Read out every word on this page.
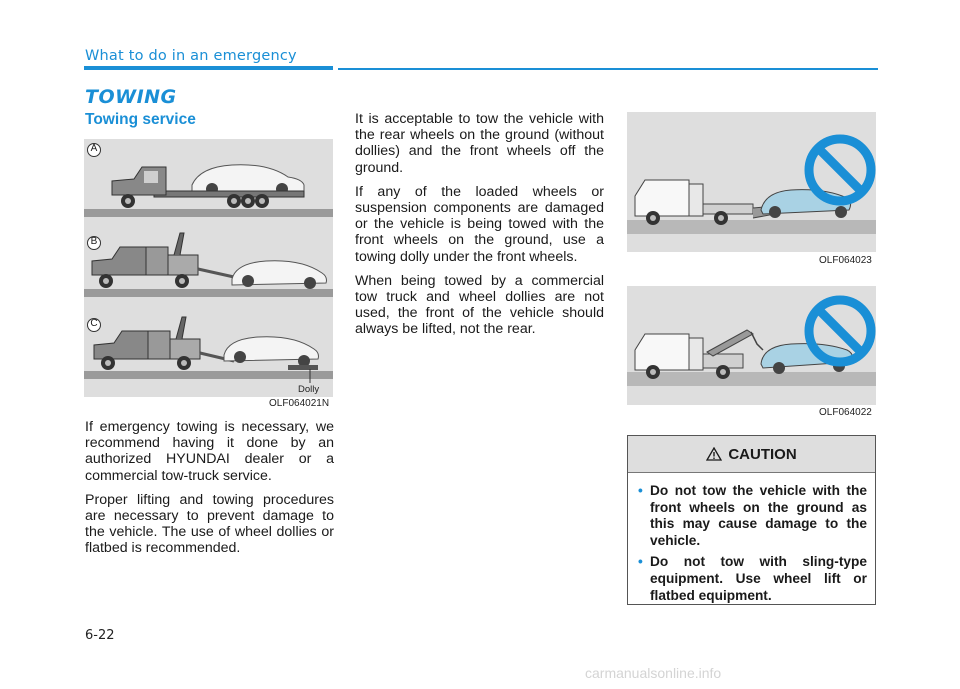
What to do in an emergency
TOWING
Towing service
A
B
C
Dolly
OLF064021N

If emergency towing is necessary, we recommend having it done by an authorized HYUNDAI dealer or a commercial tow-truck service.

Proper lifting and towing procedures are necessary to prevent damage to the vehicle. The use of wheel dollies or flatbed is recommended.

It is acceptable to tow the vehicle with the rear wheels on the ground (without dollies) and the front wheels off the ground.

If any of the loaded wheels or suspension components are damaged or the vehicle is being towed with the front wheels on the ground, use a towing dolly under the front wheels.

When being towed by a commercial tow truck and wheel dollies are not used, the front of the vehicle should always be lifted, not the rear.

OLF064023
OLF064022
CAUTION
• Do not tow the vehicle with the front wheels on the ground as this may cause damage to the vehicle.
• Do not tow with sling-type equipment. Use wheel lift or flatbed equipment.
6-22
carmanualsonline.info
